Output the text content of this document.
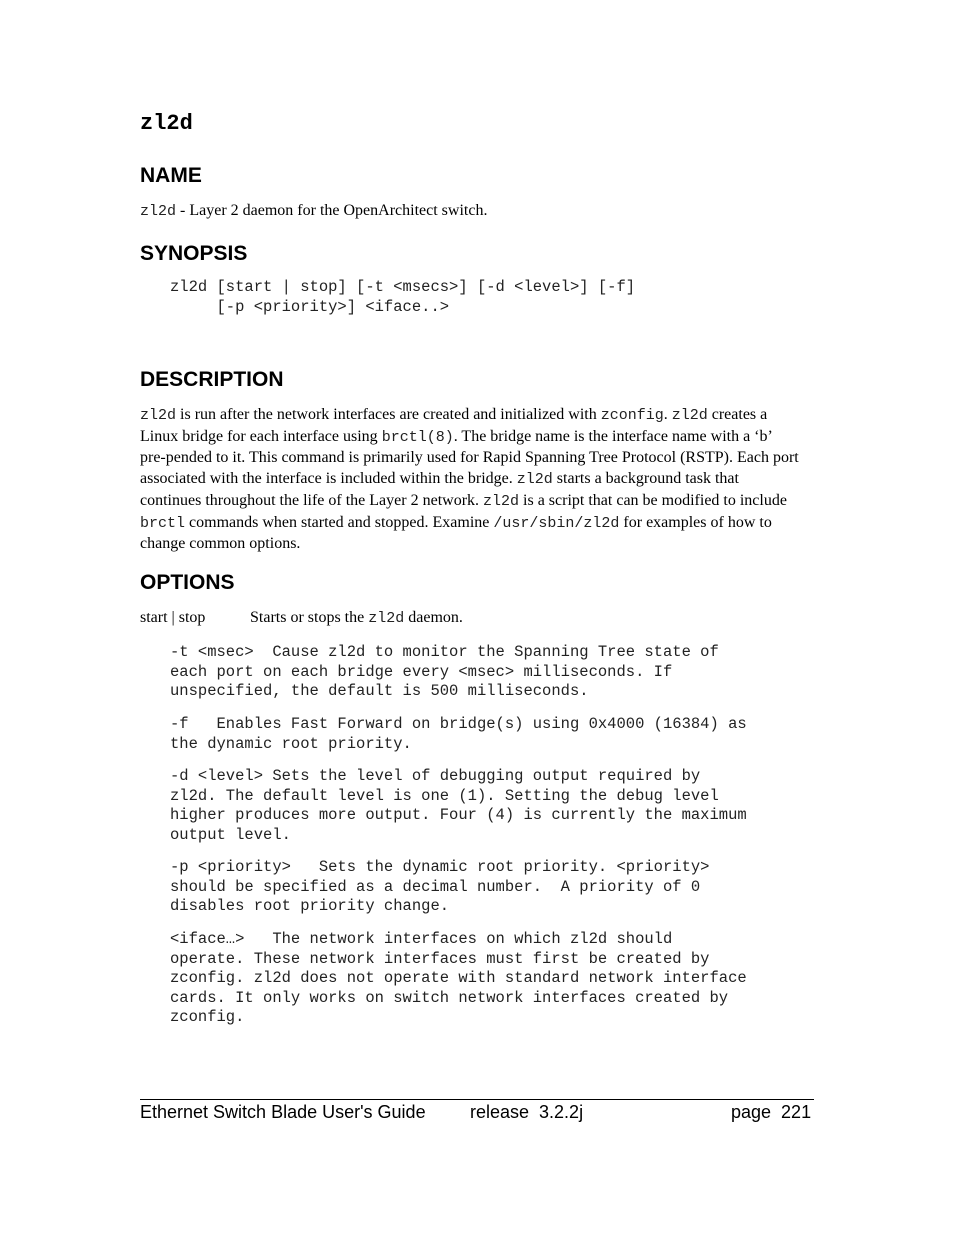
zl2d
NAME

zl2d - Layer 2 daemon for the OpenArchitect switch.

SYNOPSIS
zl2d [start | stop] [-t <msecs>] [-d <level>] [-f]
[-p <priority>] <iface..>
DESCRIPTION

zl2d is run after the network interfaces are created and initialized with zconfig. zl2d creates a Linux bridge for each interface using brctl(8). The bridge name is the interface name with a ‘b’ pre-pended to it. This command is primarily used for Rapid Spanning Tree Protocol (RSTP). Each port associated with the interface is included within the bridge. zl2d starts a background task that continues throughout the life of the Layer 2 network. zl2d is a script that can be modified to include brctl commands when started and stopped. Examine /usr/sbin/zl2d for examples of how to change common options.

OPTIONS
start | stop	Starts or stops the zl2d daemon.
-t <msec>  Cause zl2d to monitor the Spanning Tree state of
each port on each bridge every <msec> milliseconds. If
unspecified, the default is 500 milliseconds.
-f   Enables Fast Forward on bridge(s) using 0x4000 (16384) as
the dynamic root priority.
-d <level> Sets the level of debugging output required by
zl2d. The default level is one (1). Setting the debug level
higher produces more output. Four (4) is currently the maximum
output level.
-p <priority>   Sets the dynamic root priority. <priority>
should be specified as a decimal number.  A priority of 0
disables root priority change.
<iface…>   The network interfaces on which zl2d should
operate. These network interfaces must first be created by
zconfig. zl2d does not operate with standard network interface
cards. It only works on switch network interfaces created by
zconfig.
Ethernet Switch Blade User's Guide release  3.2.2j	page  221
